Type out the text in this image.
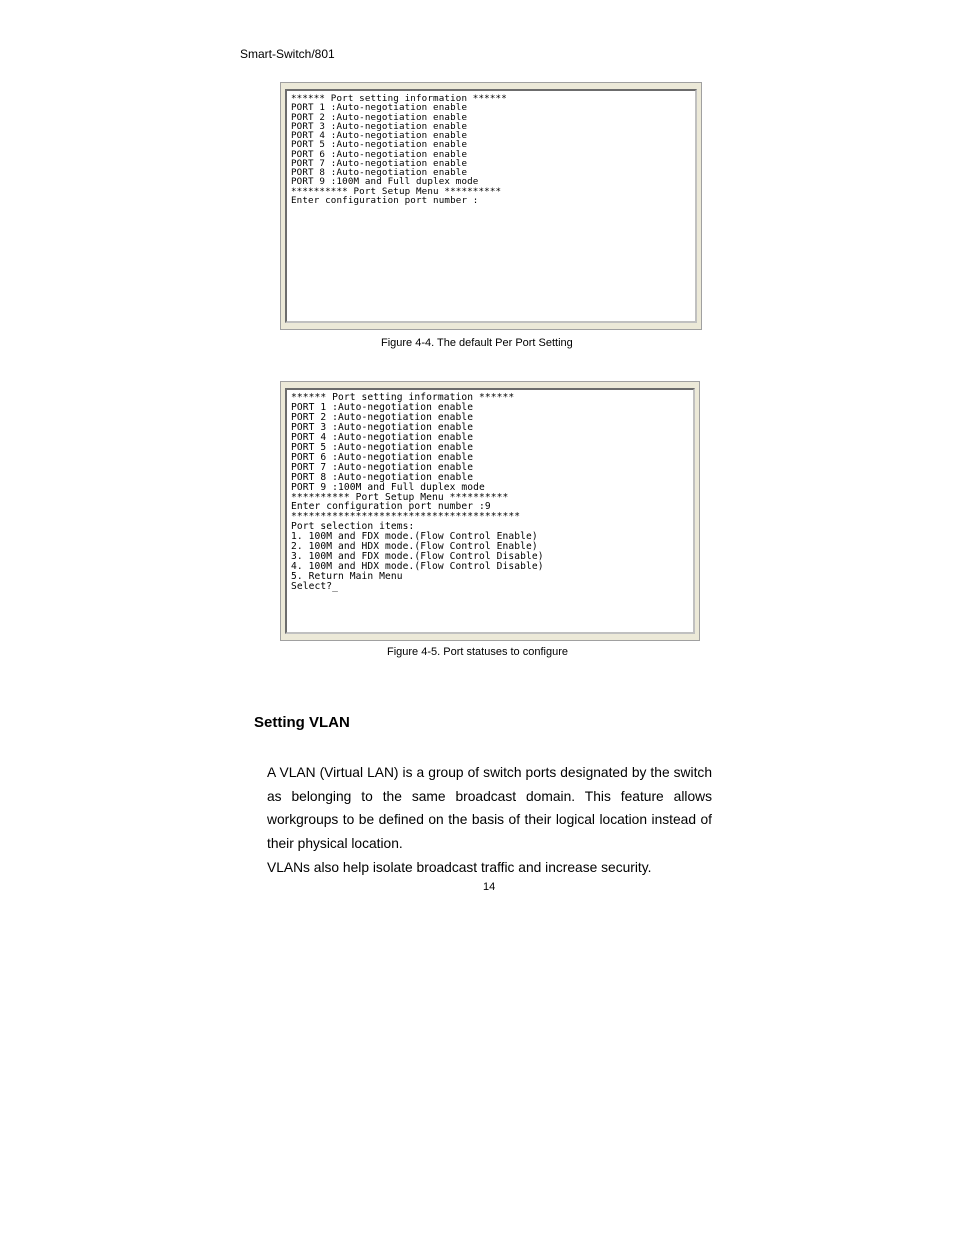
Smart-Switch/801
****** Port setting information ******
PORT 1 :Auto-negotiation enable
PORT 2 :Auto-negotiation enable
PORT 3 :Auto-negotiation enable
PORT 4 :Auto-negotiation enable
PORT 5 :Auto-negotiation enable
PORT 6 :Auto-negotiation enable
PORT 7 :Auto-negotiation enable
PORT 8 :Auto-negotiation enable
PORT 9 :100M and Full duplex mode
********** Port Setup Menu **********
Enter configuration port number :
Figure 4-4. The default Per Port Setting
****** Port setting information ******
PORT 1 :Auto-negotiation enable
PORT 2 :Auto-negotiation enable
PORT 3 :Auto-negotiation enable
PORT 4 :Auto-negotiation enable
PORT 5 :Auto-negotiation enable
PORT 6 :Auto-negotiation enable
PORT 7 :Auto-negotiation enable
PORT 8 :Auto-negotiation enable
PORT 9 :100M and Full duplex mode
********** Port Setup Menu **********
Enter configuration port number :9
***************************************
Port selection items:
1. 100M and FDX mode.(Flow Control Enable)
2. 100M and HDX mode.(Flow Control Enable)
3. 100M and FDX mode.(Flow Control Disable)
4. 100M and HDX mode.(Flow Control Disable)
5. Return Main Menu
Select?_
Figure 4-5. Port statuses to configure
Setting VLAN
A VLAN (Virtual LAN) is a group of switch ports designated by the switch as belonging to the same broadcast domain. This feature allows workgroups to be defined on the basis of their logical location instead of their physical location.
VLANs also help isolate broadcast traffic and increase security.
14
